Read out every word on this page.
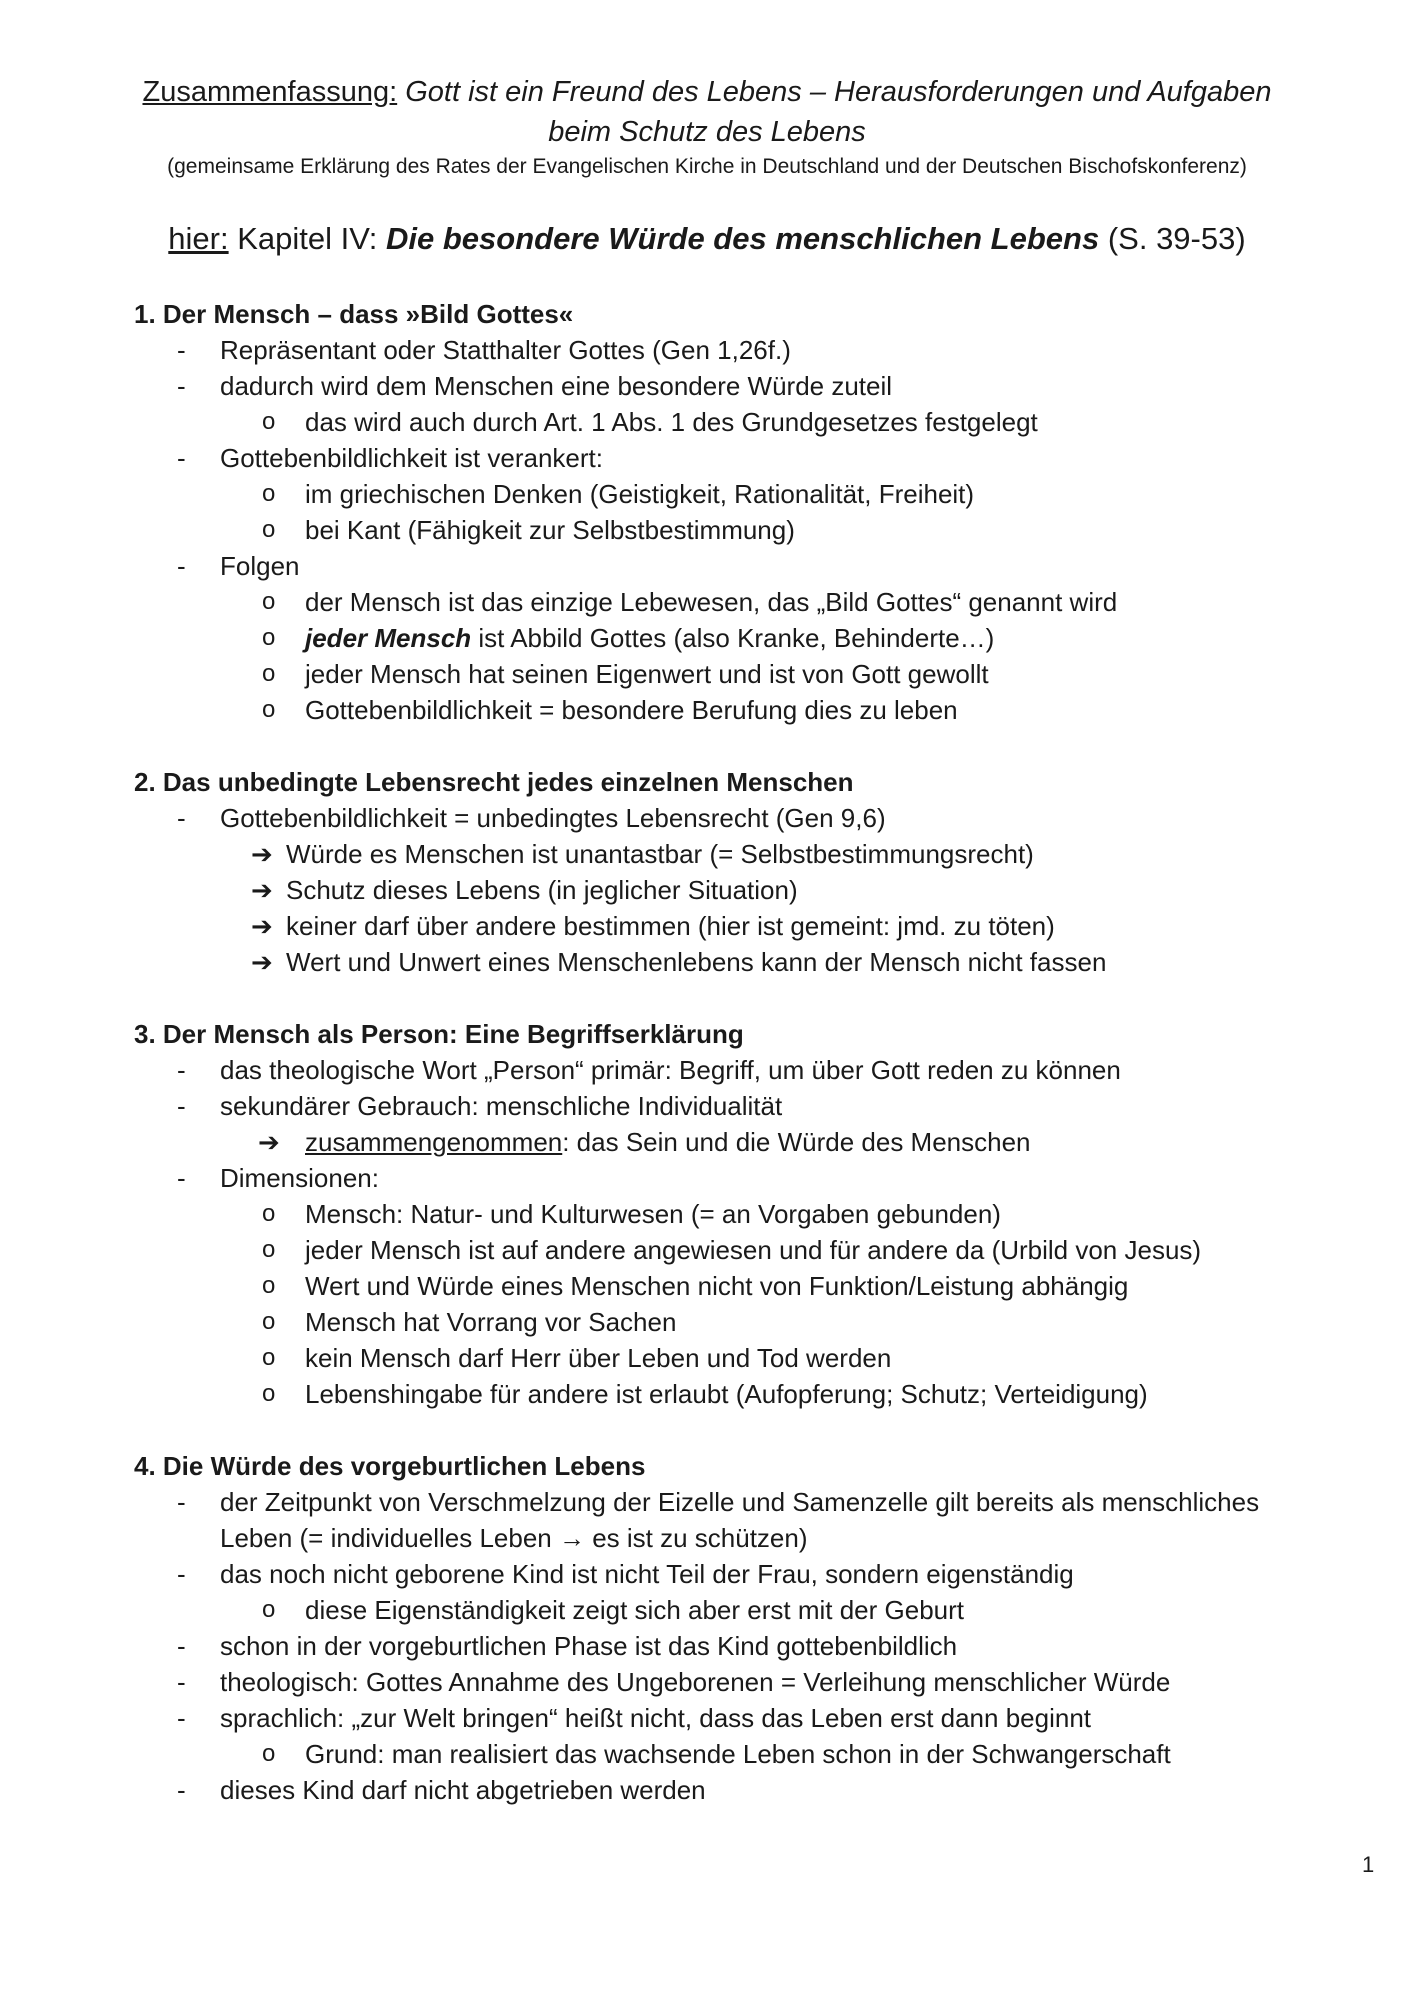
Zusammenfassung: Gott ist ein Freund des Lebens – Herausforderungen und Aufgaben
beim Schutz des Lebens
(gemeinsame Erklärung des Rates der Evangelischen Kirche in Deutschland und der Deutschen Bischofskonferenz)
hier: Kapitel IV: Die besondere Würde des menschlichen Lebens (S. 39-53)
1. Der Mensch – dass »Bild Gottes«
- Repräsentant oder Statthalter Gottes (Gen 1,26f.)
- dadurch wird dem Menschen eine besondere Würde zuteil
o das wird auch durch Art. 1 Abs. 1 des Grundgesetzes festgelegt
- Gottebenbildlichkeit ist verankert:
o im griechischen Denken (Geistigkeit, Rationalität, Freiheit)
o bei Kant (Fähigkeit zur Selbstbestimmung)
- Folgen
o der Mensch ist das einzige Lebewesen, das „Bild Gottes“ genannt wird
o jeder Mensch ist Abbild Gottes (also Kranke, Behinderte…)
o jeder Mensch hat seinen Eigenwert und ist von Gott gewollt
o Gottebenbildlichkeit = besondere Berufung dies zu leben
2. Das unbedingte Lebensrecht jedes einzelnen Menschen
- Gottebenbildlichkeit = unbedingtes Lebensrecht (Gen 9,6)
➔ Würde es Menschen ist unantastbar (= Selbstbestimmungsrecht)
➔ Schutz dieses Lebens (in jeglicher Situation)
➔ keiner darf über andere bestimmen (hier ist gemeint: jmd. zu töten)
➔ Wert und Unwert eines Menschenlebens kann der Mensch nicht fassen
3. Der Mensch als Person: Eine Begriffserklärung
- das theologische Wort „Person“ primär: Begriff, um über Gott reden zu können
- sekundärer Gebrauch: menschliche Individualität
➔ zusammengenommen: das Sein und die Würde des Menschen
- Dimensionen:
o Mensch: Natur- und Kulturwesen (= an Vorgaben gebunden)
o jeder Mensch ist auf andere angewiesen und für andere da (Urbild von Jesus)
o Wert und Würde eines Menschen nicht von Funktion/Leistung abhängig
o Mensch hat Vorrang vor Sachen
o kein Mensch darf Herr über Leben und Tod werden
o Lebenshingabe für andere ist erlaubt (Aufopferung; Schutz; Verteidigung)
4. Die Würde des vorgeburtlichen Lebens
- der Zeitpunkt von Verschmelzung der Eizelle und Samenzelle gilt bereits als menschliches
Leben (= individuelles Leben → es ist zu schützen)
- das noch nicht geborene Kind ist nicht Teil der Frau, sondern eigenständig
o diese Eigenständigkeit zeigt sich aber erst mit der Geburt
- schon in der vorgeburtlichen Phase ist das Kind gottebenbildlich
- theologisch: Gottes Annahme des Ungeborenen = Verleihung menschlicher Würde
- sprachlich: „zur Welt bringen“ heißt nicht, dass das Leben erst dann beginnt
o Grund: man realisiert das wachsende Leben schon in der Schwangerschaft
- dieses Kind darf nicht abgetrieben werden
1
